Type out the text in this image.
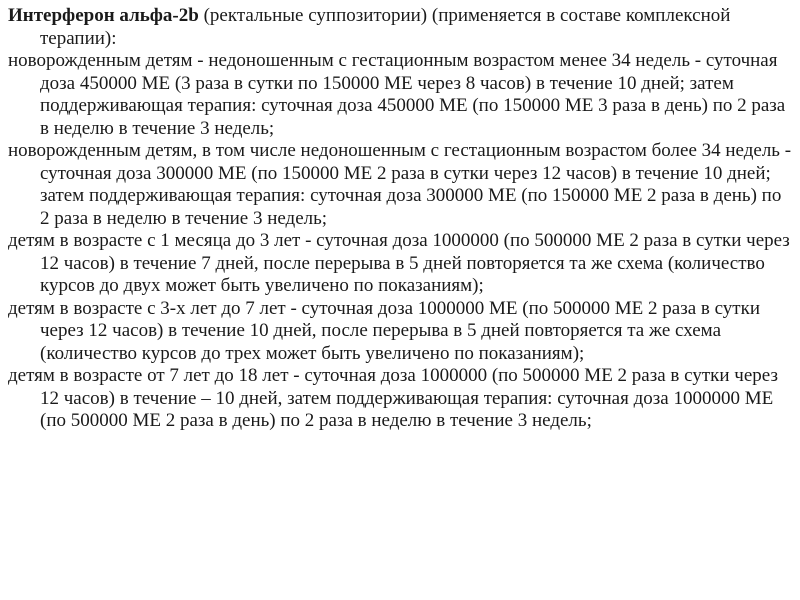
Интерферон альфа-2b (ректальные суппозитории) (применяется в составе комплексной терапии):

новорожденным детям - недоношенным с гестационным возрастом менее 34 недель - суточная доза 450000 МЕ (3 раза в сутки по 150000 МЕ через 8 часов) в течение 10 дней; затем поддерживающая терапия: суточная доза 450000 МЕ (по 150000 МЕ 3 раза в день) по 2 раза в неделю в течение 3 недель;

новорожденным детям, в том числе недоношенным с гестационным возрастом более 34 недель - суточная доза 300000 МЕ (по 150000 МЕ 2 раза в сутки через 12 часов) в течение 10 дней; затем поддерживающая терапия: суточная доза 300000 МЕ (по 150000 МЕ 2 раза в день) по 2 раза в неделю в течение 3 недель;

детям в возрасте с 1 месяца до 3 лет - суточная доза 1000000 (по 500000 МЕ 2 раза в сутки через 12 часов) в течение 7 дней, после перерыва в 5 дней повторяется та же схема (количество курсов до двух может быть увеличено по показаниям);

детям в возрасте с 3-х лет до 7 лет - суточная доза 1000000 МЕ (по 500000 МЕ 2 раза в сутки через 12 часов) в течение 10 дней, после перерыва в 5 дней повторяется та же схема (количество курсов до трех может быть увеличено по показаниям);

детям в возрасте от 7 лет до 18 лет - суточная доза 1000000 (по 500000 МЕ 2 раза в сутки через 12 часов) в течение – 10 дней, затем поддерживающая терапия: суточная доза 1000000 МЕ (по 500000 МЕ 2 раза в день) по 2 раза в неделю в течение 3 недель;
